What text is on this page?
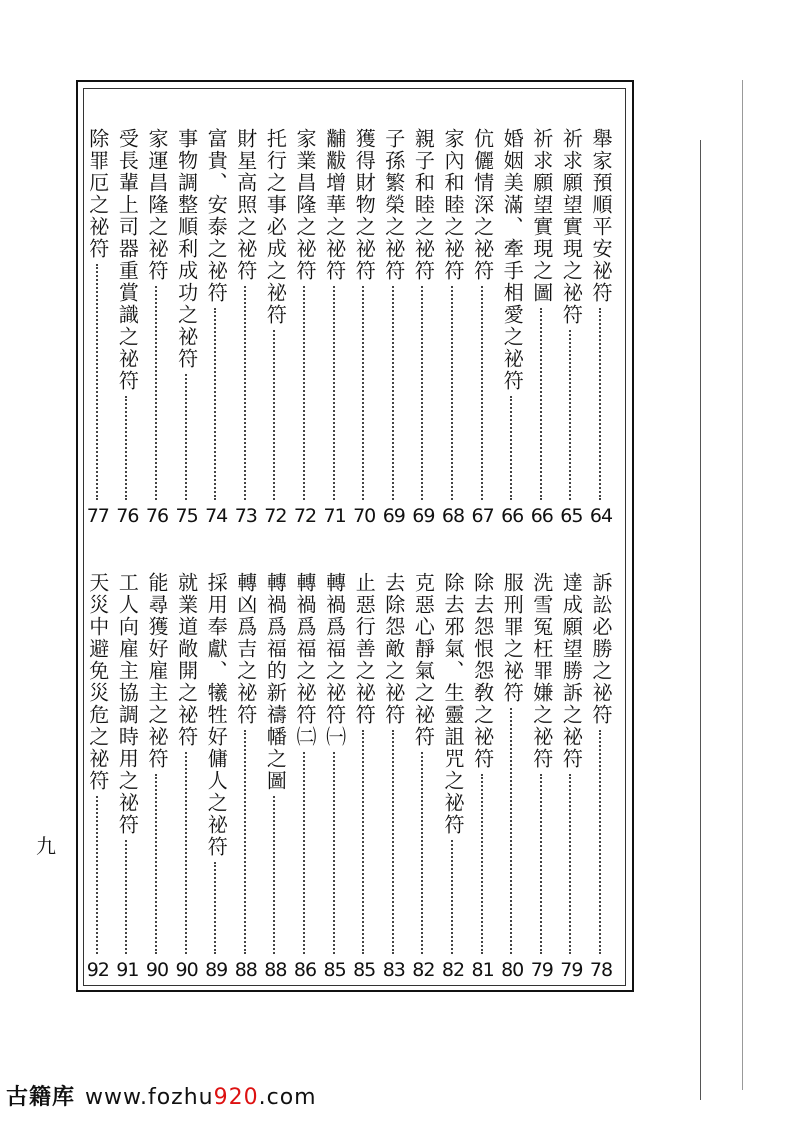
舉家預順平安祕符
64
祈求願望實現之祕符
65
祈求願望實現之圖
66
婚姻美滿、牽手相愛之祕符
66
伉儷情深之祕符
67
家內和睦之祕符
68
親子和睦之祕符
69
子孫繁榮之祕符
69
獲得財物之祕符
70
黼黻增華之祕符
71
家業昌隆之祕符
72
托行之事必成之祕符
72
財星高照之祕符
73
富貴、安泰之祕符
74
事物調整順利成功之祕符
75
家運昌隆之祕符
76
受長輩上司器重賞識之祕符
76
除罪厄之祕符
77
訴訟必勝之祕符
78
達成願望勝訴之祕符
79
洗雪冤枉罪嫌之祕符
79
服刑罪之祕符
80
除去怨恨怨敎之祕符
81
除去邪氣、生靈詛咒之祕符
82
克惡心靜氣之祕符
82
去除怨敵之祕符
83
止惡行善之祕符
85
轉禍爲福之祕符㈠
85
轉禍爲福之祕符㈡
86
轉禍爲福的新禱幡之圖
88
轉凶爲吉之祕符
88
採用奉獻、犧牲好傭人之祕符
89
就業道敞開之祕符
90
能尋獲好雇主之祕符
90
工人向雇主協調時用之祕符
91
天災中避免災危之祕符
92
九
古籍库 www.fozhu920.com
